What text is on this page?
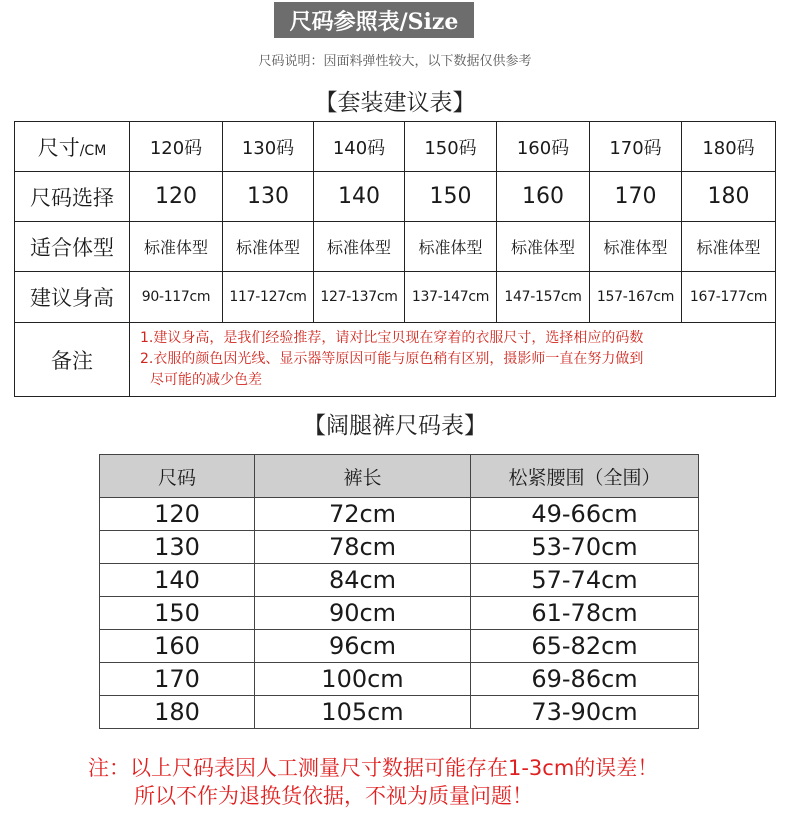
尺码参照表/Size
尺码说明：因面料弹性较大，以下数据仅供参考
【套装建议表】
尺寸/CM	120码	130码	140码	150码	160码	170码	180码
尺码选择	120	130	140	150	160	170	180
适合体型	标准体型	标准体型	标准体型	标准体型	标准体型	标准体型	标准体型
建议身高	90-117cm	117-127cm	127-137cm	137-147cm	147-157cm	157-167cm	167-177cm
备注	1.建议身高，是我们经验推荐，请对比宝贝现在穿着的衣服尺寸，选择相应的码数
2.衣服的颜色因光线、显示器等原因可能与原色稍有区别，摄影师一直在努力做到
尽可能的减少色差						
【阔腿裤尺码表】
尺码	裤长	松紧腰围（全围）
120	72cm	49-66cm
130	78cm	53-70cm
140	84cm	57-74cm
150	90cm	61-78cm
160	96cm	65-82cm
170	100cm	69-86cm
180	105cm	73-90cm
注：以上尺码表因人工测量尺寸数据可能存在1-3cm的误差！
所以不作为退换货依据，不视为质量问题！
